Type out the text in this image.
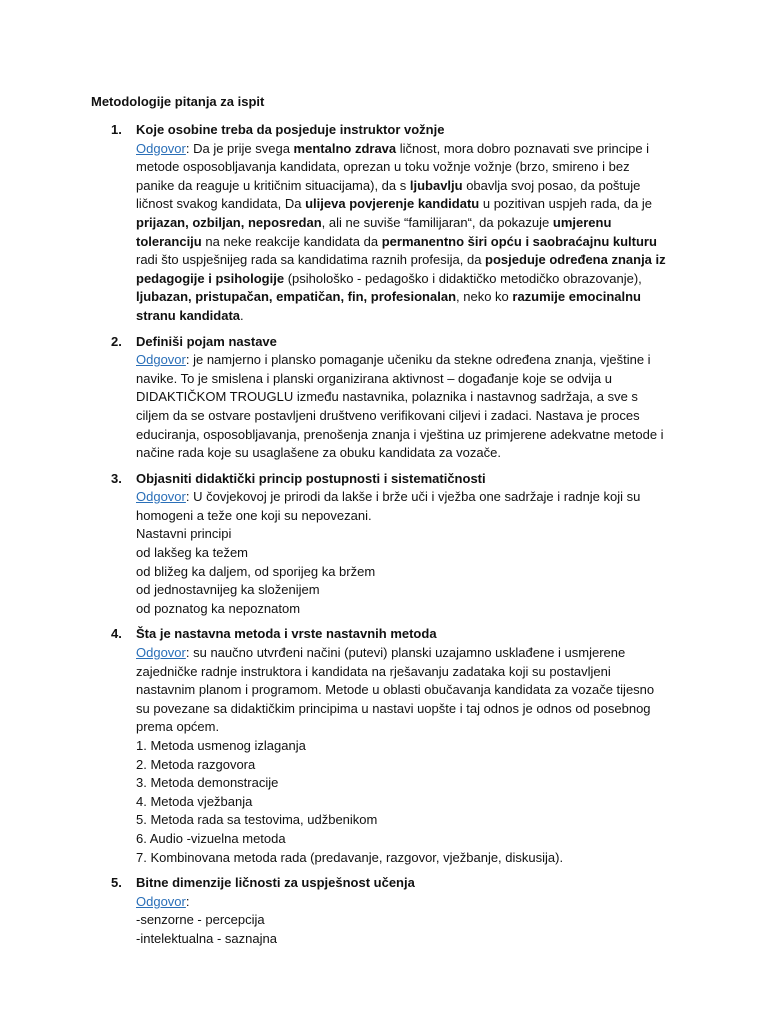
Metodologije pitanja za ispit
1. Koje osobine treba da posjeduje instruktor vožnje
Odgovor: Da je prije svega mentalno zdrava ličnost, mora dobro poznavati sve principe i metode osposobljavanja kandidata, oprezan u toku vožnje vožnje (brzo, smireno i bez panike da reaguje u kritičnim situacijama), da s ljubavlju obavlja svoj posao, da poštuje ličnost svakog kandidata, Da ulijeva povjerenje kandidatu u pozitivan uspjeh rada, da je prijazan, ozbiljan, neposredan, ali ne suviše “familijaran“, da pokazuje umjerenu toleranciju na neke reakcije kandidata da permanentno širi opću i saobraćajnu kulturu radi što uspješnijeg rada sa kandidatima raznih profesija, da posjeduje određena znanja iz pedagogije i psihologije (psihološko - pedagoško i didaktičko metodičko obrazovanje), ljubazan, pristupačan, empatičan, fin, profesionalan, neko ko razumije emocinalnu stranu kandidata.
2. Definiši pojam nastave
Odgovor: je namjerno i plansko pomaganje učeniku da stekne određena znanja, vještine i navike. To je smislena i planski organizirana aktivnost – događanje koje se odvija u DIDAKTIČKOM TROUGLU između nastavnika, polaznika i nastavnog sadržaja, a sve s ciljem da se ostvare postavljeni društveno verifikovani ciljevi i zadaci. Nastava je proces educiranja, osposobljavanja, prenošenja znanja i vještina uz primjerene adekvatne metode i načine rada koje su usaglašene za obuku kandidata za vozače.
3. Objasniti didaktički princip postupnosti i sistematičnosti
Odgovor: U čovjekovoj je prirodi da lakše i brže uči i vježba one sadržaje i radnje koji su homogeni a teže one koji su nepovezani.
Nastavni principi
od lakšeg ka težem
od bližeg ka daljem, od sporijeg ka bržem
od jednostavnijeg ka složenijem
od poznatog ka nepoznatom
4. Šta je nastavna metoda i vrste nastavnih metoda
Odgovor: su naučno utvrđeni načini (putevi) planski uzajamno usklađene i usmjerene zajedničke radnje instruktora i kandidata na rješavanju zadataka koji su postavljeni nastavnim planom i programom. Metode u oblasti obučavanja kandidata za vozače tijesno su povezane sa didaktičkim principima u nastavi uopšte i taj odnos je odnos od posebnog prema općem.
1. Metoda usmenog izlaganja
2. Metoda razgovora
3. Metoda demonstracije
4. Metoda vježbanja
5. Metoda rada sa testovima, udžbenikom
6. Audio -vizuelna metoda
7. Kombinovana metoda rada (predavanje, razgovor, vježbanje, diskusija).
5. Bitne dimenzije ličnosti za uspješnost učenja
Odgovor:
-senzorne - percepcija
-intelektualna - saznajna
